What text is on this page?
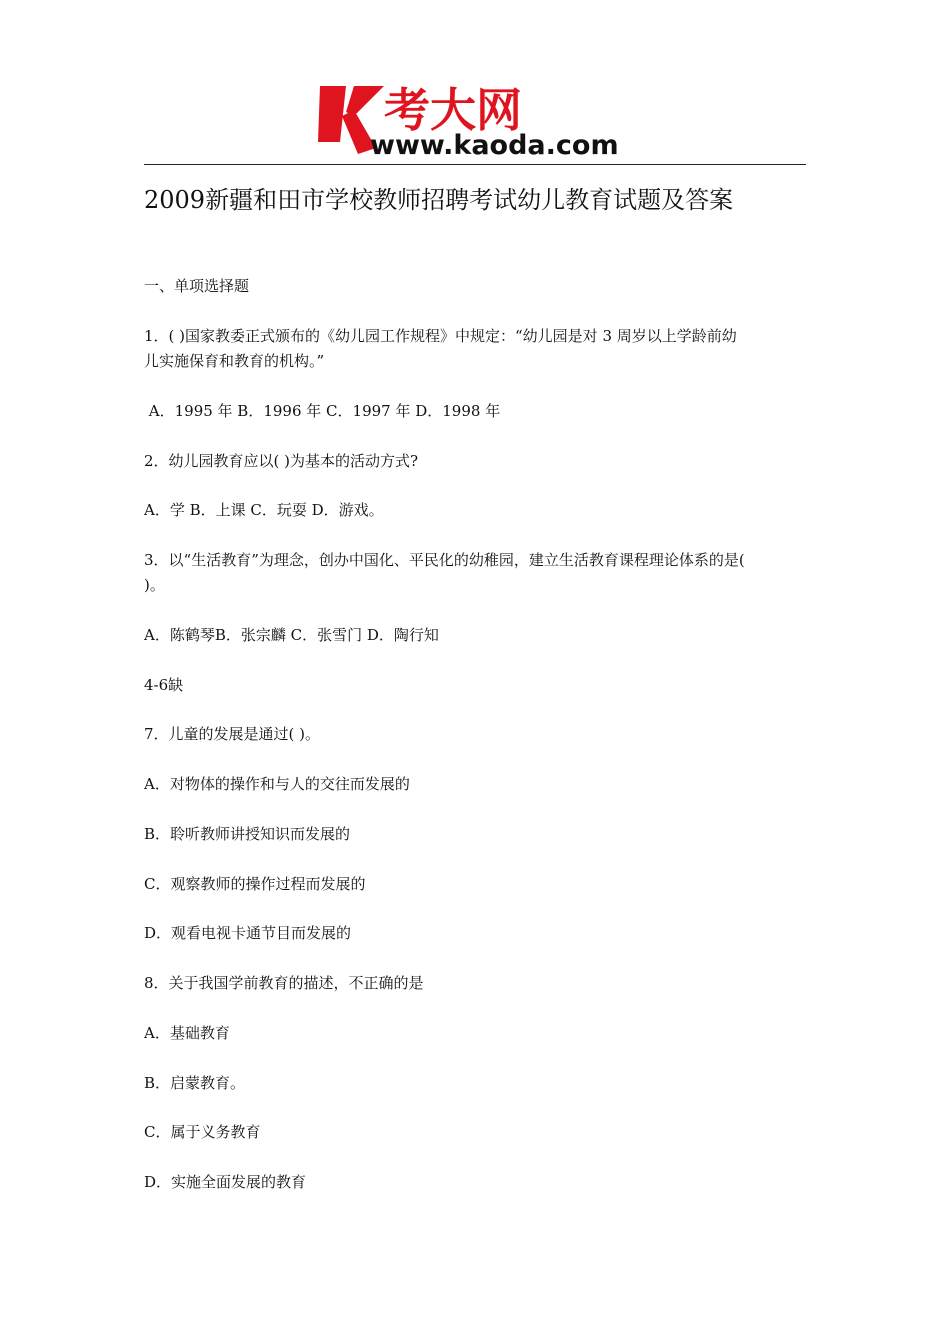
考大网
www.kaoda.com
2009新疆和田市学校教师招聘考试幼儿教育试题及答案
一、单项选择题
1．( )国家教委正式颁布的《幼儿园工作规程》中规定：“幼儿园是对 3 周岁以上学龄前幼
儿实施保育和教育的机构。”
A．1995 年 B．1996 年 C．1997 年 D．1998 年
2．幼儿园教育应以( )为基本的活动方式?
A．学 B．上课 C．玩耍 D．游戏。
3．以“生活教育”为理念，创办中国化、平民化的幼稚园，建立生活教育课程理论体系的是(
)。
A．陈鹤琴B．张宗麟 C．张雪门 D．陶行知
4-6缺
7．儿童的发展是通过( )。
A．对物体的操作和与人的交往而发展的
B．聆听教师讲授知识而发展的
C．观察教师的操作过程而发展的
D．观看电视卡通节目而发展的
8．关于我国学前教育的描述，不正确的是
A．基础教育
B．启蒙教育。
C．属于义务教育
D．实施全面发展的教育
